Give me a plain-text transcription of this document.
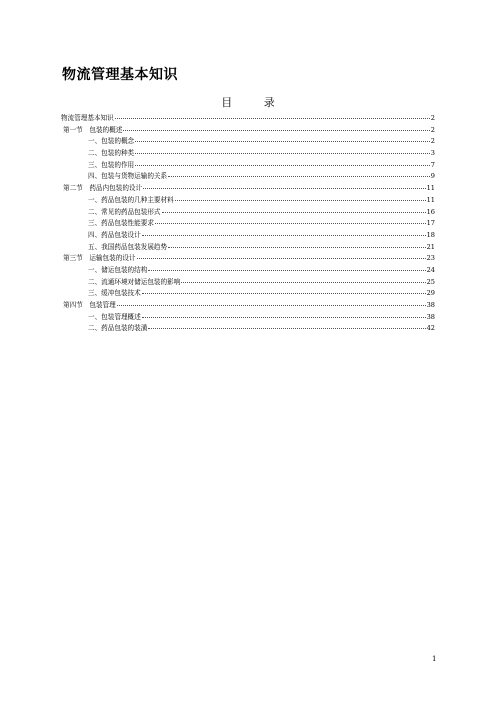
物流管理基本知识
目 录
物流管理基本知识	2
第一节　包装的概述	2
一、包装的概念	2
二、包装的种类	3
三、包装的作用	7
四、包装与货物运输的关系	9
第二节　药品内包装的设计	11
一、药品包装的几种主要材料	11
二、常见的药品包装形式	16
三、药品包装性能要求	17
四、药品包装设计	18
五、我国药品包装发展趋势	21
第三节　运输包装的设计	23
一、储运包装的结构	24
二、流通环境对储运包装的影响	25
三、缓冲包装技术	29
第四节　包装管理	38
一、包装管理概述	38
二、药品包装的装潢	42
1
